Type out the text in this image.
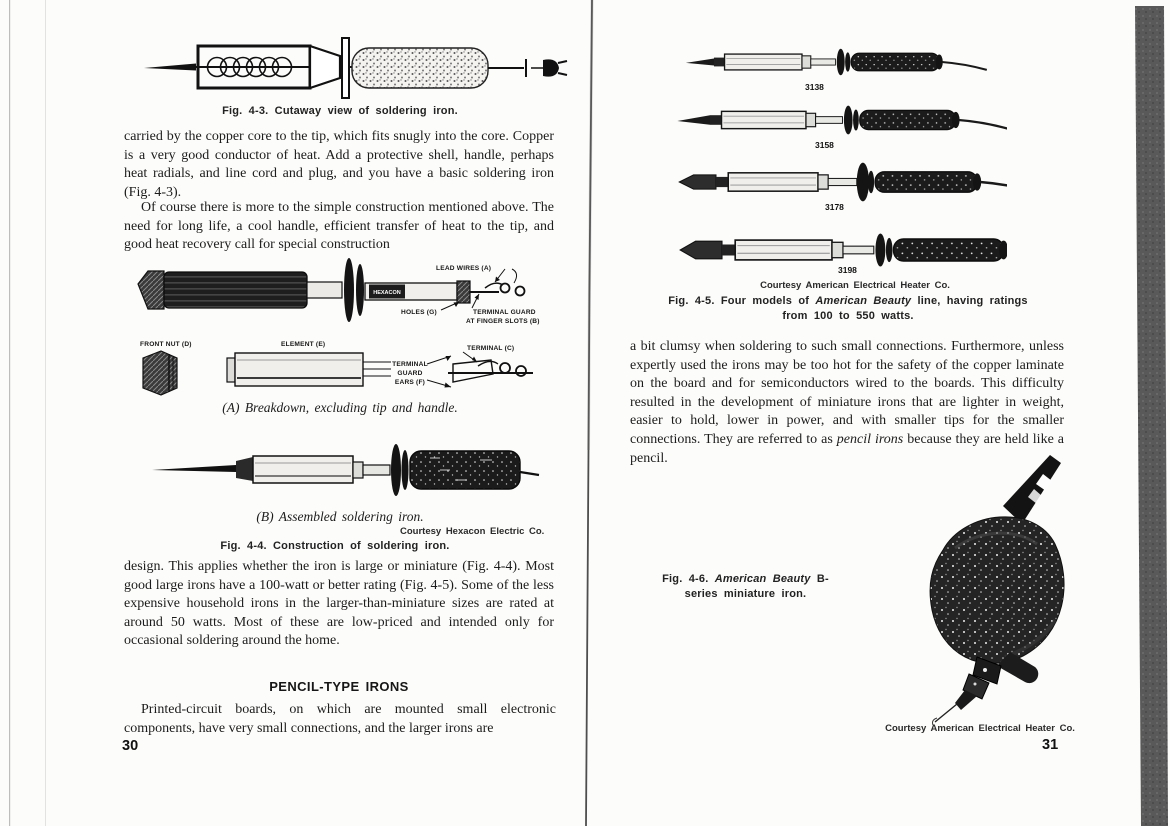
Fig. 4-3. Cutaway view of soldering iron.
carried by the copper core to the tip, which fits snugly into the core. Copper is a very good conductor of heat. Add a protective shell, handle, perhaps heat radials, and line cord and plug, and you have a basic soldering iron (Fig. 4-3).
Of course there is more to the simple construction mentioned above. The need for long life, a cool handle, efficient transfer of heat to the tip, and good heat recovery call for special construction
HEXACON
LEAD WIRES (A)
HOLES (G)	TERMINAL GUARD
AT FINGER SLOTS (B)
FRONT NUT (D)	ELEMENT (E)
TERMINAL (C)
TERMINAL
GUARD
EARS (F)
(A) Breakdown, excluding tip and handle.
(B) Assembled soldering iron.
Courtesy Hexacon Electric Co.
Fig. 4-4. Construction of soldering iron.
design. This applies whether the iron is large or miniature (Fig. 4-4). Most good large irons have a 100-watt or better rating (Fig. 4-5). Some of the less expensive household irons in the larger-than-miniature sizes are rated at around 50 watts. Most of these are low-priced and intended only for occasional soldering around the home.
PENCIL-TYPE IRONS
Printed-circuit boards, on which are mounted small electronic components, have very small connections, and the larger irons are
30
3138
3158
3178
3198
Courtesy American Electrical Heater Co.
Fig. 4-5. Four models of American Beauty line, having ratings from 100 to 550 watts.
a bit clumsy when soldering to such small connections. Furthermore, unless expertly used the irons may be too hot for the safety of the copper laminate on the board and for semiconductors wired to the boards. This difficulty resulted in the development of miniature irons that are lighter in weight, easier to hold, lower in power, and with smaller tips for the smaller connections. They are referred to as pencil irons because they are held like a pencil.
Fig. 4-6. American Beauty B-series miniature iron.
Courtesy American Electrical Heater Co.
31
